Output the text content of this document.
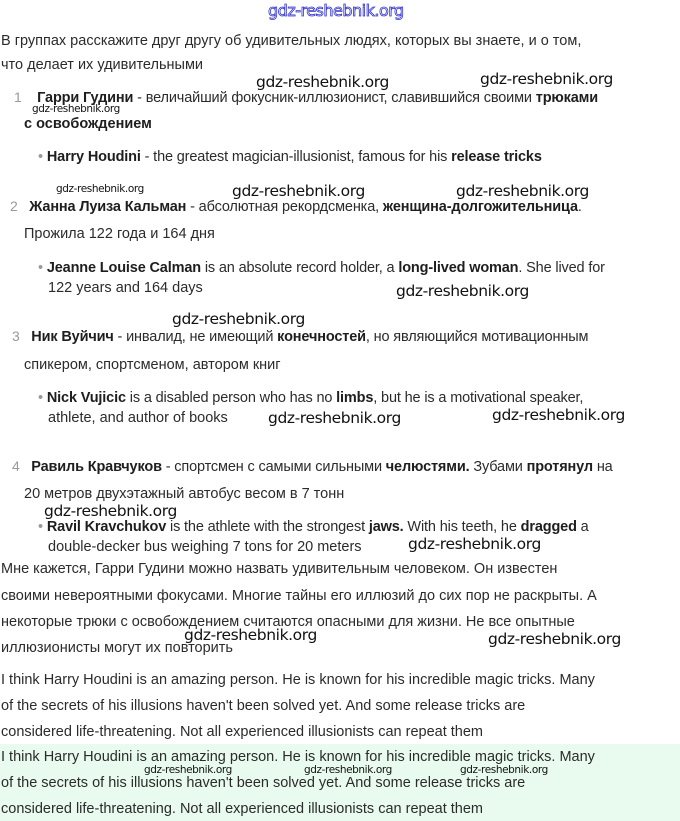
gdz-reshebnik.org
В группах расскажите друг другу об удивительных людях, которых вы знаете, и о том,
что делает их удивительными
1 Гарри Гудини - величайший фокусник-иллюзионист, славившийся своими трюками
с освобождением
• Harry Houdini - the greatest magician-illusionist, famous for his release tricks
2 Жанна Луиза Кальман - абсолютная рекордсменка, женщина-долгожительница.
Прожила 122 года и 164 дня
• Jeanne Louise Calman is an absolute record holder, a long-lived woman. She lived for
122 years and 164 days
3 Ник Вуйчич - инвалид, не имеющий конечностей, но являющийся мотивационным
спикером, спортсменом, автором книг
• Nick Vujicic is a disabled person who has no limbs, but he is a motivational speaker,
athlete, and author of books
4 Равиль Кравчуков - спортсмен с самыми сильными челюстями. Зубами протянул на
20 метров двухэтажный автобус весом в 7 тонн
• Ravil Kravchukov is the athlete with the strongest jaws. With his teeth, he dragged a
double-decker bus weighing 7 tons for 20 meters
Мне кажется, Гарри Гудини можно назвать удивительным человеком. Он известен
своими невероятными фокусами. Многие тайны его иллюзий до сих пор не раскрыты. А
некоторые трюки с освобождением считаются опасными для жизни. Не все опытные
иллюзионисты могут их повторить
I think Harry Houdini is an amazing person. He is known for his incredible magic tricks. Many
of the secrets of his illusions haven't been solved yet. And some release tricks are
considered life-threatening. Not all experienced illusionists can repeat them
I think Harry Houdini is an amazing person. He is known for his incredible magic tricks. Many
of the secrets of his illusions haven't been solved yet. And some release tricks are
considered life-threatening. Not all experienced illusionists can repeat them
gdz-reshebnik.org	gdz-reshebnik.org
gdz-reshebnik.org
gdz-reshebnik.org	gdz-reshebnik.org	gdz-reshebnik.org
gdz-reshebnik.org
gdz-reshebnik.org
gdz-reshebnik.org	gdz-reshebnik.org
gdz-reshebnik.org
gdz-reshebnik.org
gdz-reshebnik.org	gdz-reshebnik.org
gdz-reshebnik.org	gdz-reshebnik.org	gdz-reshebnik.org
